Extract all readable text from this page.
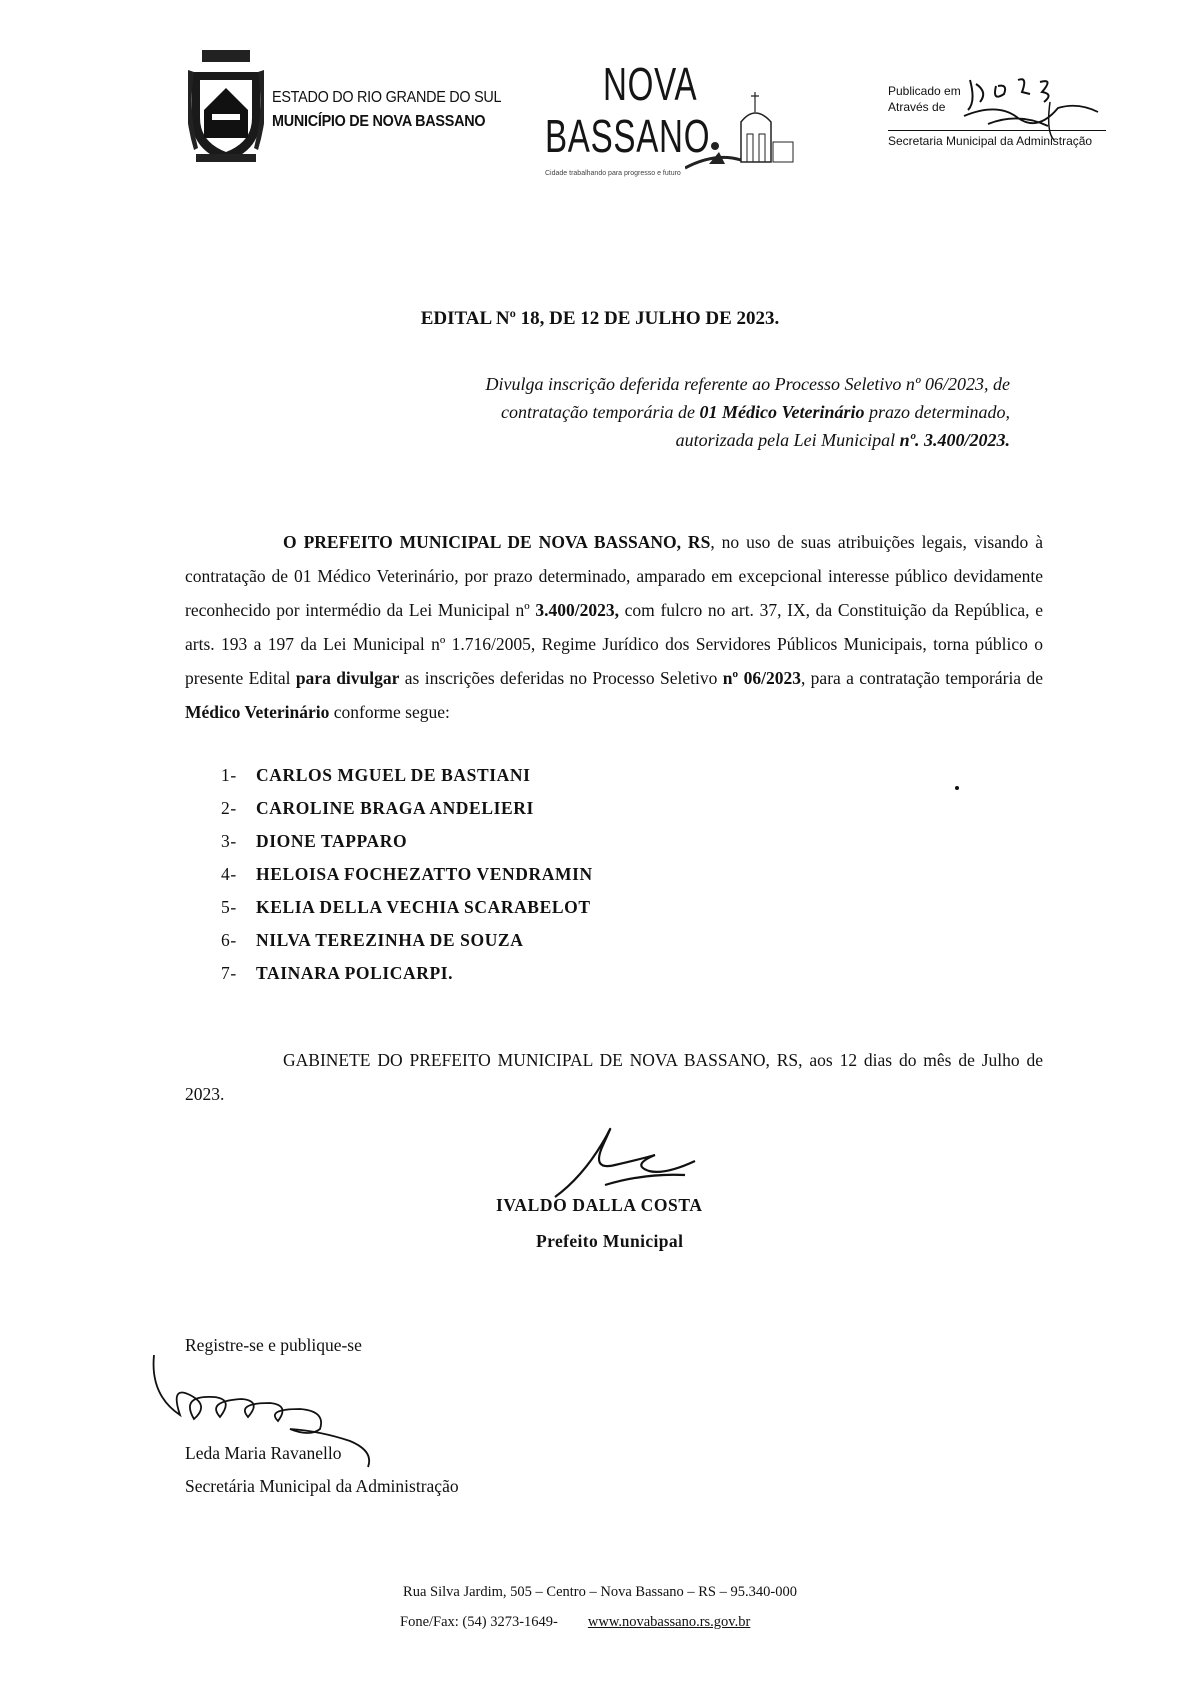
ESTADO DO RIO GRANDE DO SUL
MUNICÍPIO DE NOVA BASSANO
NOVA
BASSANO
Cidade trabalhando para progresso e futuro
Publicado em
Através de
Secretaria Municipal da Administração
EDITAL Nº 18, DE 12 DE JULHO DE 2023.
Divulga inscrição deferida referente ao Processo Seletivo nº 06/2023, de contratação temporária de 01 Médico Veterinário prazo determinado, autorizada pela Lei Municipal nº. 3.400/2023.
O PREFEITO MUNICIPAL DE NOVA BASSANO, RS, no uso de suas atribuições legais, visando à contratação de 01 Médico Veterinário, por prazo determinado, amparado em excepcional interesse público devidamente reconhecido por intermédio da Lei Municipal nº 3.400/2023, com fulcro no art. 37, IX, da Constituição da República, e arts. 193 a 197 da Lei Municipal nº 1.716/2005, Regime Jurídico dos Servidores Públicos Municipais, torna público o presente Edital para divulgar as inscrições deferidas no Processo Seletivo nº 06/2023, para a contratação temporária de Médico Veterinário conforme segue:
1- CARLOS MGUEL DE BASTIANI
2- CAROLINE BRAGA ANDELIERI
3- DIONE TAPPARO
4- HELOISA FOCHEZATTO VENDRAMIN
5- KELIA DELLA VECHIA SCARABELOT
6- NILVA TEREZINHA DE SOUZA
7- TAINARA POLICARPI.
GABINETE DO PREFEITO MUNICIPAL DE NOVA BASSANO, RS, aos 12 dias do mês de Julho de 2023.
IVALDO DALLA COSTA
Prefeito Municipal
Registre-se e publique-se
Leda Maria Ravanello
Secretária Municipal da Administração
Rua Silva Jardim, 505 – Centro – Nova Bassano – RS – 95.340-000
Fone/Fax: (54) 3273-1649- www.novabassano.rs.gov.br
